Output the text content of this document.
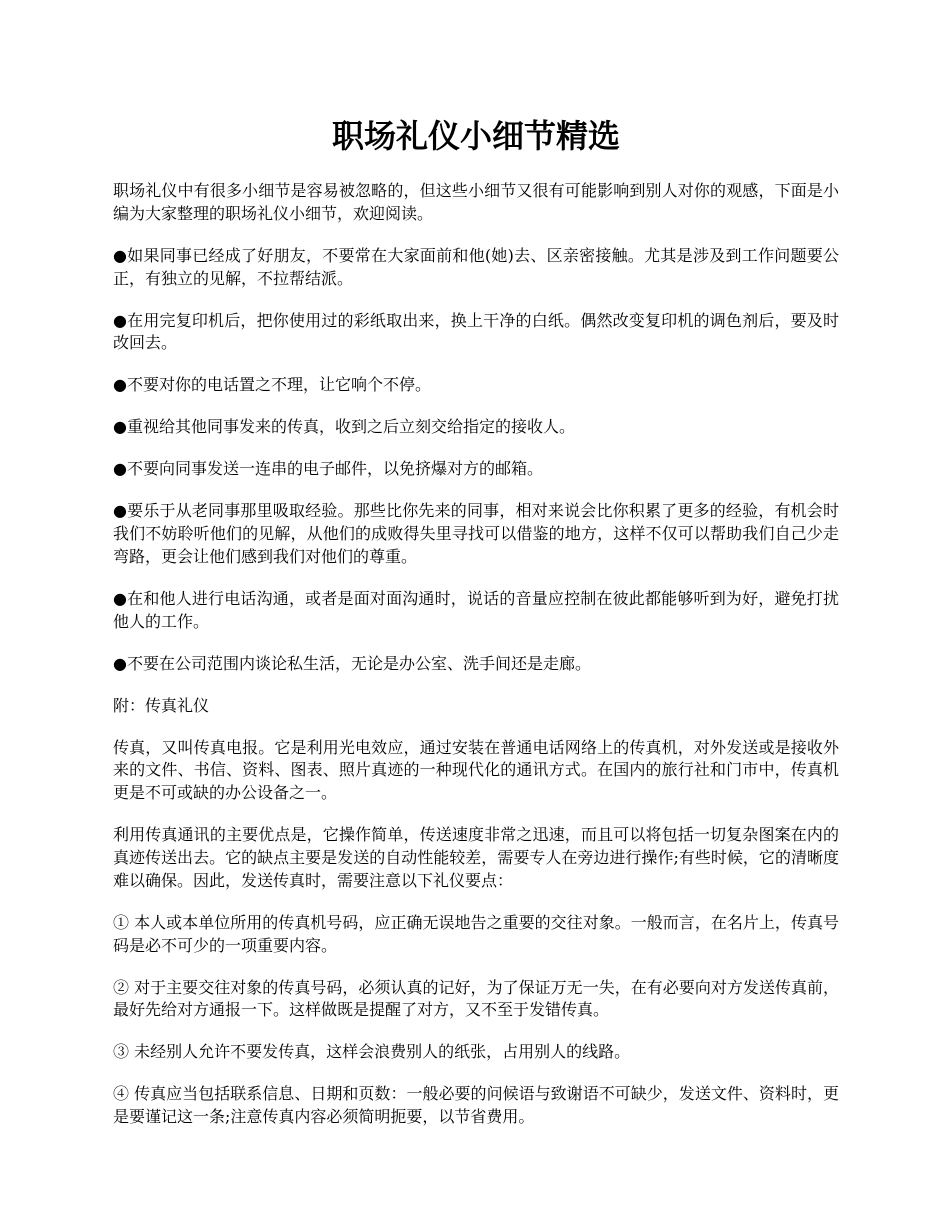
职场礼仪小细节精选

职场礼仪中有很多小细节是容易被忽略的，但这些小细节又很有可能影响到别人对你的观感，下面是小编为大家整理的职场礼仪小细节，欢迎阅读。

●如果同事已经成了好朋友，不要常在大家面前和他(她)去、区亲密接触。尤其是涉及到工作问题要公正，有独立的见解，不拉帮结派。

●在用完复印机后，把你使用过的彩纸取出来，换上干净的白纸。偶然改变复印机的调色剂后，要及时改回去。

●不要对你的电话置之不理，让它响个不停。

●重视给其他同事发来的传真，收到之后立刻交给指定的接收人。

●不要向同事发送一连串的电子邮件，以免挤爆对方的邮箱。

●要乐于从老同事那里吸取经验。那些比你先来的同事，相对来说会比你积累了更多的经验，有机会时我们不妨聆听他们的见解，从他们的成败得失里寻找可以借鉴的地方，这样不仅可以帮助我们自己少走弯路，更会让他们感到我们对他们的尊重。

●在和他人进行电话沟通，或者是面对面沟通时，说话的音量应控制在彼此都能够听到为好，避免打扰他人的工作。

●不要在公司范围内谈论私生活，无论是办公室、洗手间还是走廊。

附：传真礼仪

传真，又叫传真电报。它是利用光电效应，通过安装在普通电话网络上的传真机，对外发送或是接收外来的文件、书信、资料、图表、照片真迹的一种现代化的通讯方式。在国内的旅行社和门市中，传真机更是不可或缺的办公设备之一。

利用传真通讯的主要优点是，它操作简单，传送速度非常之迅速，而且可以将包括一切复杂图案在内的真迹传送出去。它的缺点主要是发送的自动性能较差，需要专人在旁边进行操作;有些时候，它的清晰度难以确保。因此，发送传真时，需要注意以下礼仪要点：

① 本人或本单位所用的传真机号码，应正确无误地告之重要的交往对象。一般而言，在名片上，传真号码是必不可少的一项重要内容。

② 对于主要交往对象的传真号码，必须认真的记好，为了保证万无一失，在有必要向对方发送传真前，最好先给对方通报一下。这样做既是提醒了对方，又不至于发错传真。

③ 未经别人允许不要发传真，这样会浪费别人的纸张，占用别人的线路。

④ 传真应当包括联系信息、日期和页数：一般必要的问候语与致谢语不可缺少，发送文件、资料时，更是要谨记这一条;注意传真内容必须简明扼要，以节省费用。
